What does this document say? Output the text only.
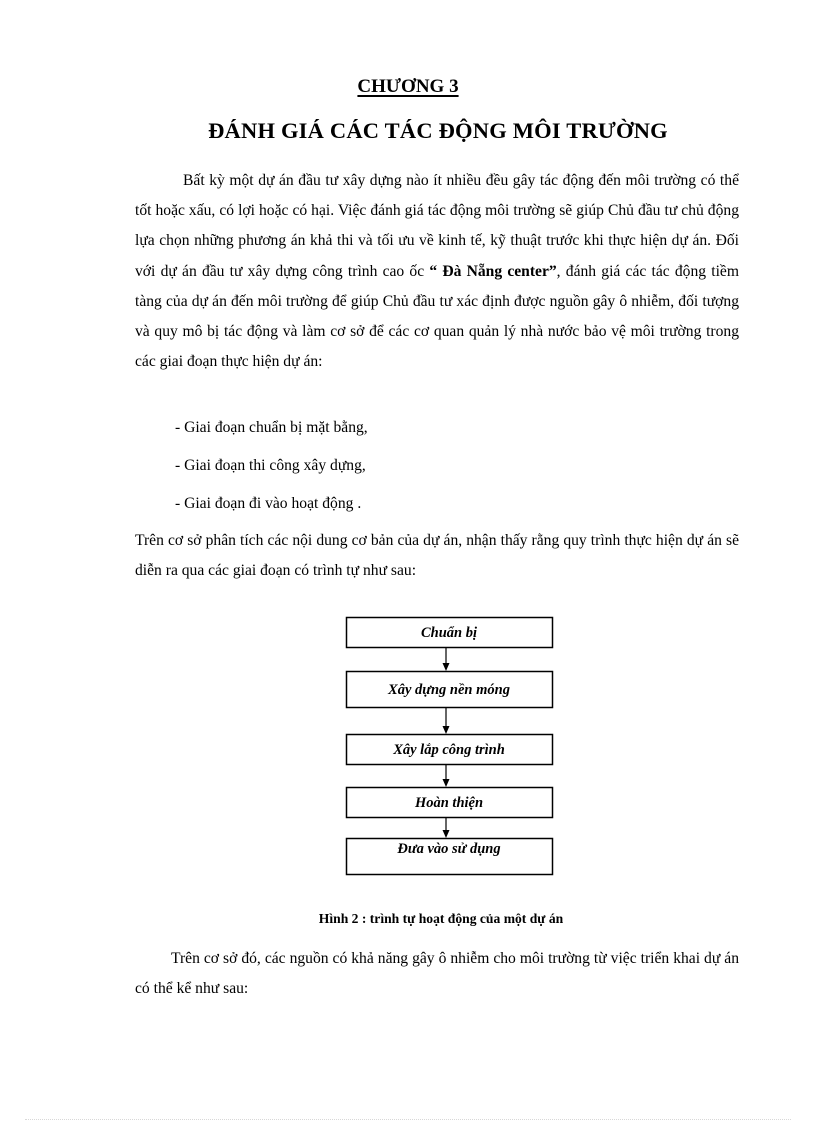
CHƯƠNG 3
ĐÁNH GIÁ CÁC TÁC ĐỘNG MÔI TRƯỜNG

Bất kỳ một dự án đầu tư xây dựng nào ít nhiều đều gây tác động đến môi trường có thể tốt hoặc xấu, có lợi hoặc có hại. Việc đánh giá tác động môi trường sẽ giúp Chủ đầu tư chủ động lựa chọn những phương án khả thi và tối ưu về kinh tế, kỹ thuật trước khi thực hiện dự án. Đối với dự án đầu tư xây dựng công trình cao ốc “ Đà Nẵng center”, đánh giá các tác động tiềm tàng của dự án đến môi trường để giúp Chủ đầu tư xác định được nguồn gây ô nhiễm, đối tượng và quy mô bị tác động và làm cơ sở để các cơ quan quản lý nhà nước bảo vệ môi trường trong các giai đoạn thực hiện dự án:

- Giai đoạn chuẩn bị mặt bằng,
- Giai đoạn thi công xây dựng,
- Giai đoạn đi vào hoạt động .

Trên cơ sở phân tích các nội dung cơ bản của dự án, nhận thấy rằng quy trình thực hiện dự án sẽ diễn ra qua các giai đoạn có trình tự như sau:

Chuẩn bị
Xây dựng nền móng
Xây lắp công trình
Hoàn thiện
Đưa vào sử dụng
Hình 2 : trình tự hoạt động của một dự án

Trên cơ sở đó, các nguồn có khả năng gây ô nhiễm cho môi trường từ việc triển khai dự án có thể kể như sau:
